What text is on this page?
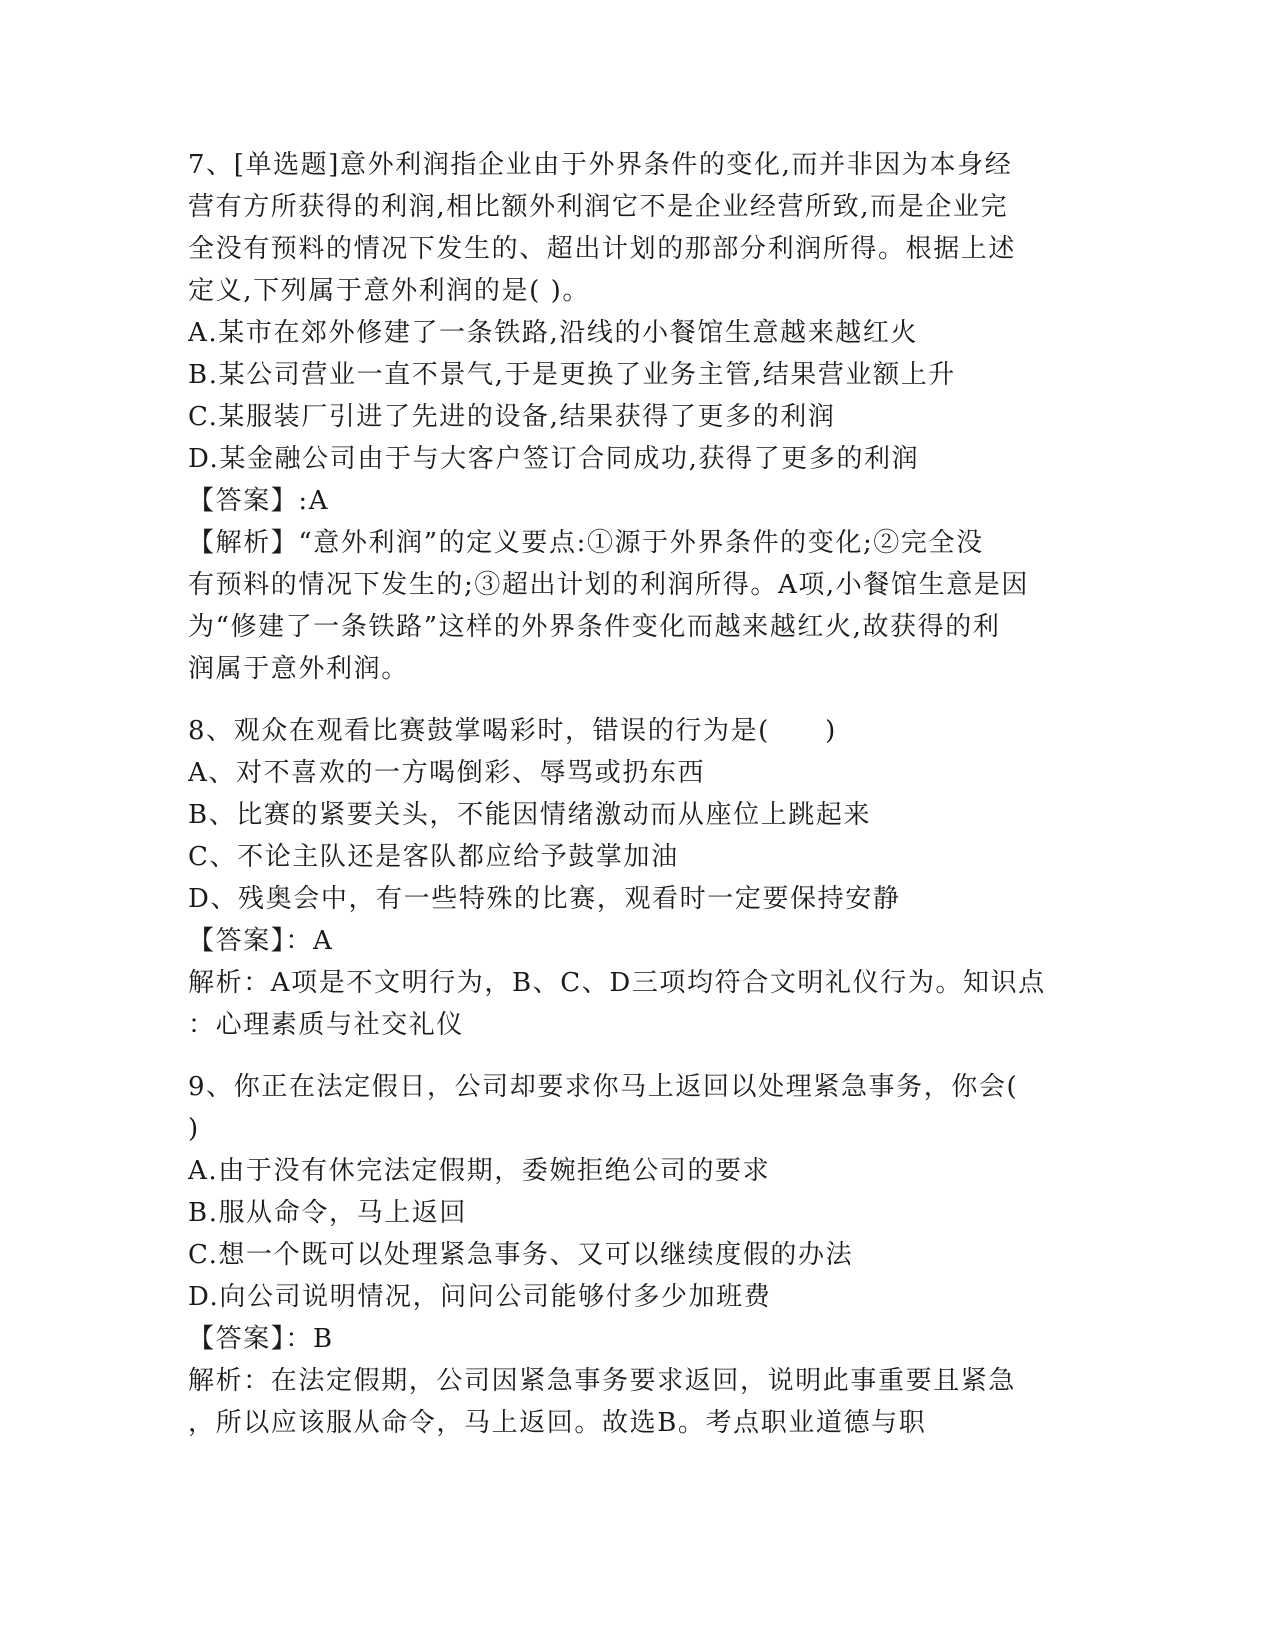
7、[单选题]意外利润指企业由于外界条件的变化,而并非因为本身经
营有方所获得的利润,相比额外利润它不是企业经营所致,而是企业完
全没有预料的情况下发生的、超出计划的那部分利润所得。根据上述
定义,下列属于意外利润的是( )。
A.某市在郊外修建了一条铁路,沿线的小餐馆生意越来越红火
B.某公司营业一直不景气,于是更换了业务主管,结果营业额上升
C.某服装厂引进了先进的设备,结果获得了更多的利润
D.某金融公司由于与大客户签订合同成功,获得了更多的利润
【答案】:A
【解析】“意外利润”的定义要点:①源于外界条件的变化;②完全没
有预料的情况下发生的;③超出计划的利润所得。A项,小餐馆生意是因
为“修建了一条铁路”这样的外界条件变化而越来越红火,故获得的利
润属于意外利润。
8、观众在观看比赛鼓掌喝彩时，错误的行为是(　　)
A、对不喜欢的一方喝倒彩、辱骂或扔东西
B、比赛的紧要关头，不能因情绪激动而从座位上跳起来
C、不论主队还是客队都应给予鼓掌加油
D、残奥会中，有一些特殊的比赛，观看时一定要保持安静
【答案】：A
解析：A项是不文明行为，B、C、D三项均符合文明礼仪行为。知识点
：心理素质与社交礼仪
9、你正在法定假日，公司却要求你马上返回以处理紧急事务，你会(
)
A.由于没有休完法定假期，委婉拒绝公司的要求
B.服从命令，马上返回
C.想一个既可以处理紧急事务、又可以继续度假的办法
D.向公司说明情况，问问公司能够付多少加班费
【答案】：B
解析：在法定假期，公司因紧急事务要求返回，说明此事重要且紧急
，所以应该服从命令，马上返回。故选B。考点职业道德与职
